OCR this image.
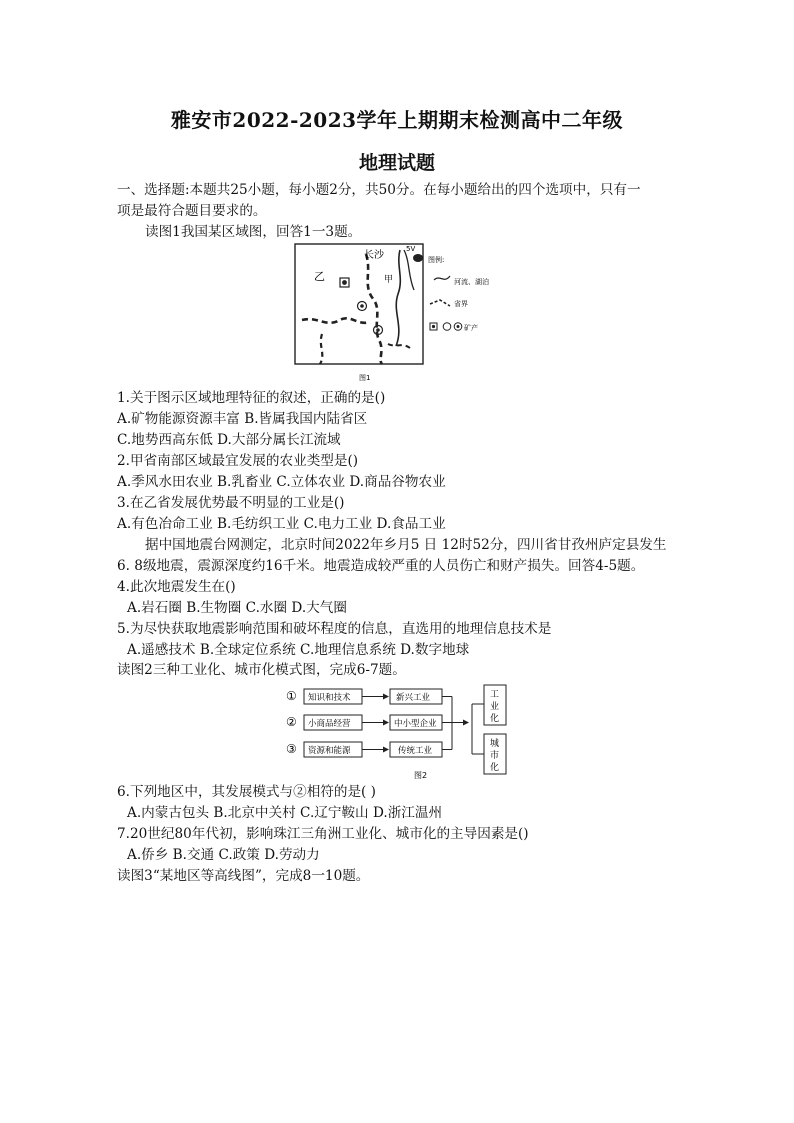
雅安市2022-2023学年上期期末检测高中二年级
地理试题
一、选择题:本题共25小题，每小题2分，共50分。在每小题给出的四个选项中，只有一
项是最符合题目要求的。
读图1我国某区域图，回答1一3题。
乙
长沙
甲
5V
图例:
河流、湖泊
省界
矿产
图1
1.关于图示区域地理特征的叙述，正确的是()
A.矿物能源资源丰富 B.皆属我国内陆省区
C.地势西高东低 D.大部分属长江流域
2.甲省南部区域最宜发展的农业类型是()
A.季风水田农业 B.乳畜业 C.立体农业 D.商品谷物农业
3.在乙省发展优势最不明显的工业是()
A.有色冶命工业 B.毛纺织工业 C.电力工业 D.食品工业
据中国地震台网测定，北京时间2022年乡月5 日 12时52分，四川省甘孜州庐定县发生
6. 8级地震，震源深度约16千米。地震造成较严重的人员伤亡和财产损失。回答4-5题。
4.此次地震发生在()
A.岩石圈 B.生物圈 C.水圈 D.大气圈
5.为尽快获取地震影响范围和破坏程度的信息，直选用的地理信息技术是
A.遥感技术 B.全球定位系统 C.地理信息系统 D.数字地球
读图2三种工业化、城市化模式图，完成6-7题。
① 知识和技术	新兴工业
② 小商品经营	中小型企业
③ 资源和能源	传统工业
工
业
化
城
市
化
图2
6.下列地区中，其发展模式与②相符的是( )
A.内蒙古包头 B.北京中关村 C.辽宁鞍山 D.浙江温州
7.20世纪80年代初，影响珠江三角洲工业化、城市化的主导因素是()
A.侨乡 B.交通 C.政策 D.劳动力
读图3“某地区等高线图”，完成8一10题。
